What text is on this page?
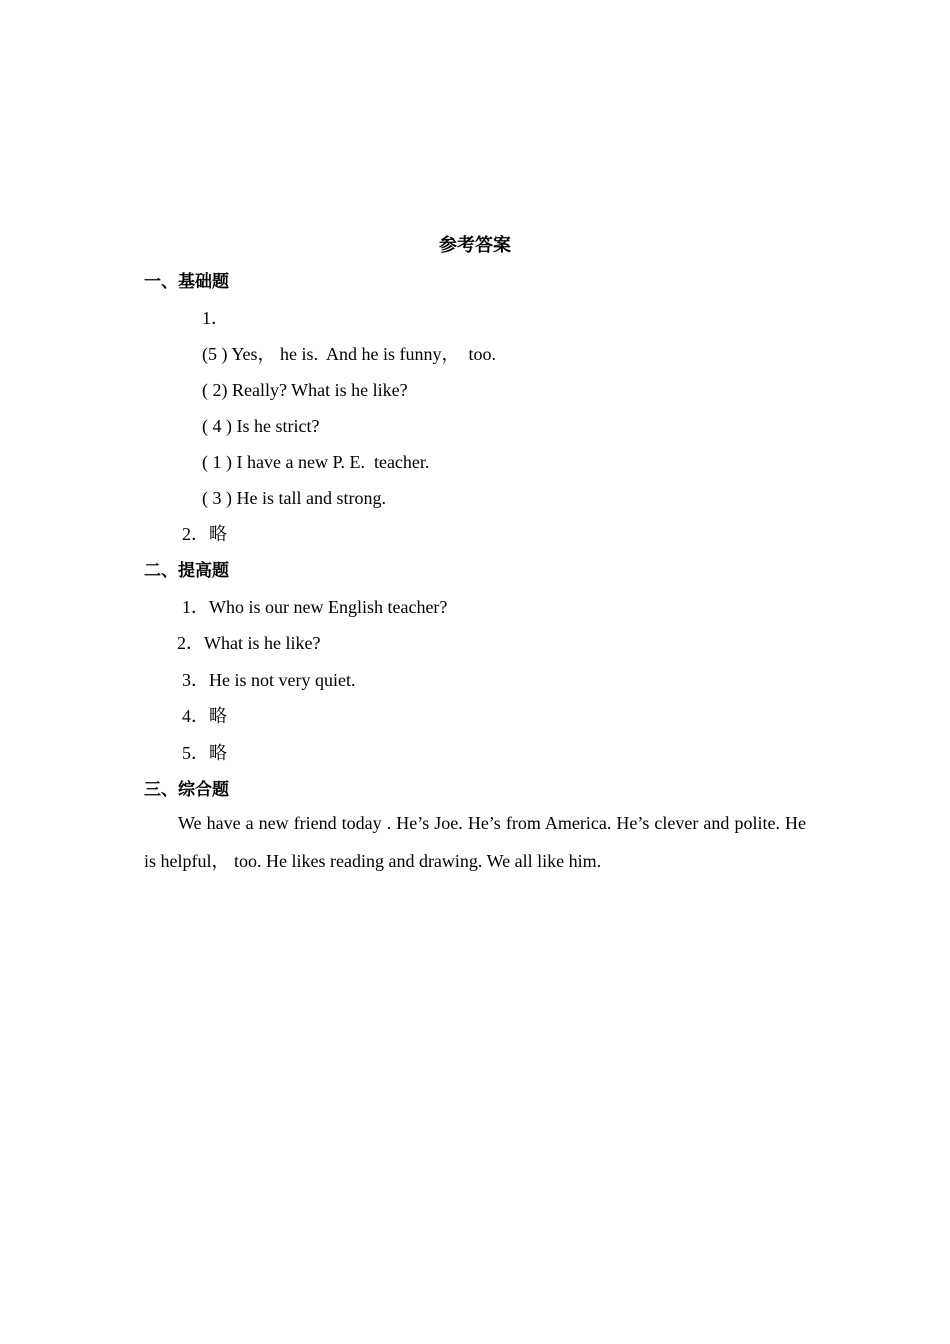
参考答案
一、基础题
1．
(5 ) Yes， he is.  And he is funny，  too.
( 2) Really? What is he like?
( 4 ) Is he strict?
( 1 ) I have a new P. E.  teacher.
( 3 ) He is tall and strong.
2．略
二、提高题
1．Who is our new English teacher?
2．What is he like?
3．He is not very quiet.
4．略
5．略
三、综合题
We have a new friend today . He’s Joe. He’s from America. He’s clever and polite. He is helpful， too. He likes reading and drawing. We all like him.
